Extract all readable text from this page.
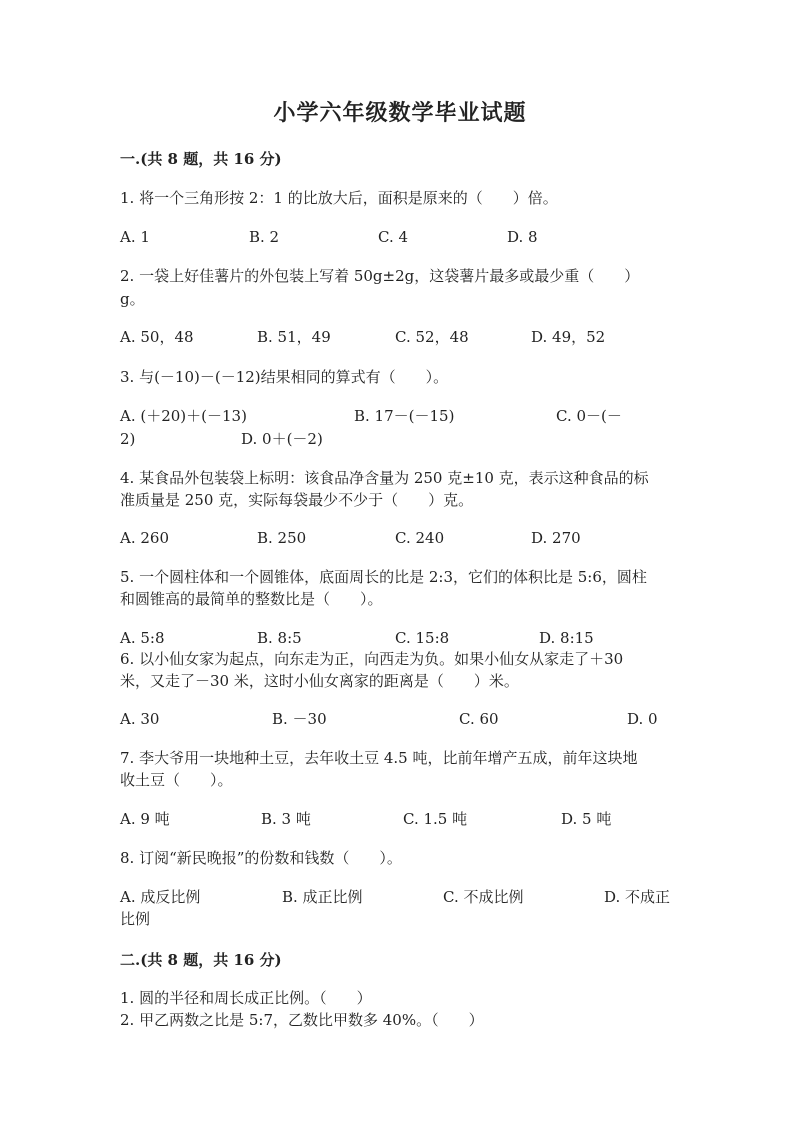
小学六年级数学毕业试题
一.(共 8 题，共 16 分)
1. 将一个三角形按 2：1 的比放大后，面积是原来的（　　）倍。
A. 1	B. 2	C. 4	D. 8
2. 一袋上好佳薯片的外包装上写着 50g±2g，这袋薯片最多或最少重（　　）
g。
A. 50，48	B. 51，49	C. 52，48	D. 49，52
3. 与(－10)－(－12)结果相同的算式有（　　）。
A. (＋20)＋(－13)	B. 17－(－15)	C. 0－(－
2)	D. 0＋(－2)
4. 某食品外包装袋上标明：该食品净含量为 250 克±10 克，表示这种食品的标
准质量是 250 克，实际每袋最少不少于（　　）克。
A. 260	B. 250	C. 240	D. 270
5. 一个圆柱体和一个圆锥体，底面周长的比是 2:3，它们的体积比是 5:6，圆柱
和圆锥高的最简单的整数比是（　　）。
A. 5:8	B. 8:5	C. 15:8	D. 8:15
6. 以小仙女家为起点，向东走为正，向西走为负。如果小仙女从家走了＋30
米，又走了－30 米，这时小仙女离家的距离是（　　）米。
A. 30	B. －30	C. 60	D. 0
7. 李大爷用一块地种土豆，去年收土豆 4.5 吨，比前年增产五成，前年这块地
收土豆（　　）。
A. 9 吨	B. 3 吨	C. 1.5 吨	D. 5 吨
8. 订阅“新民晚报”的份数和钱数（　　）。
A. 成反比例	B. 成正比例	C. 不成比例	D. 不成正
比例
二.(共 8 题，共 16 分)
1. 圆的半径和周长成正比例。（　　）
2. 甲乙两数之比是 5:7，乙数比甲数多 40%。（　　）
